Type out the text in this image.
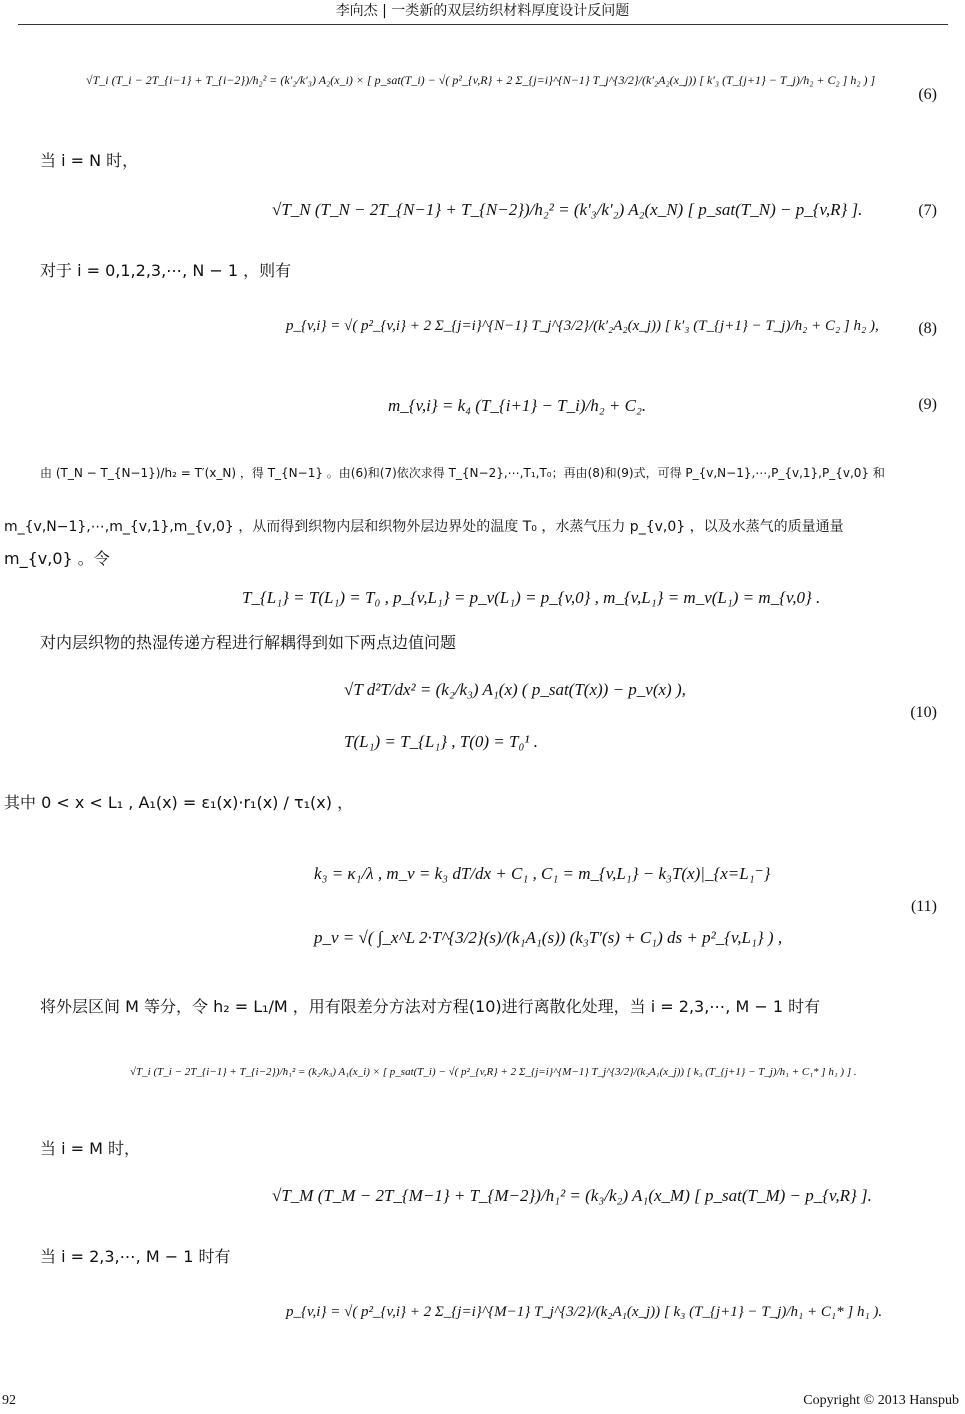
李向杰 | 一类新的双层纺织材料厚度设计反问题
√T_i (T_i − 2T_{i−1} + T_{i−2})/h₂² = (k′₂/k′₃) A₂(x_i) × [ p_sat(T_i) − √( p²_{v,R} + 2 Σ_{j=i}^{N−1} T_j^{3/2}/(k′₂A₂(x_j)) [ k′₃ (T_{j+1} − T_j)/h₂ + C₂ ] h₂ ) ]
(6)
当 i = N 时，
√T_N (T_N − 2T_{N−1} + T_{N−2})/h₂² = (k′₃/k′₂) A₂(x_N) [ p_sat(T_N) − p_{v,R} ].	(7)
对于 i = 0,1,2,3,⋯, N − 1 ，则有
p_{v,i} = √( p²_{v,i} + 2 Σ_{j=i}^{N−1} T_j^{3/2}/(k′₂A₂(x_j)) [ k′₃ (T_{j+1} − T_j)/h₂ + C₂ ] h₂ ), (8)
m_{v,i} = k₄ (T_{i+1} − T_i)/h₂ + C₂.	(9)
由 (T_N − T_{N−1})/h₂ = T′(x_N) ，得 T_{N−1} 。由(6)和(7)依次求得 T_{N−2},⋯,T₁,T₀；再由(8)和(9)式，可得 P_{v,N−1},⋯,P_{v,1},P_{v,0} 和
m_{v,N−1},⋯,m_{v,1},m_{v,0} ，从而得到织物内层和织物外层边界处的温度 T₀ ，水蒸气压力 p_{v,0} ，以及水蒸气的质量通量
m_{v,0} 。令
T_{L₁} = T(L₁) = T₀ , p_{v,L₁} = p_v(L₁) = p_{v,0} , m_{v,L₁} = m_v(L₁) = m_{v,0} .
对内层织物的热湿传递方程进行解耦得到如下两点边值问题
√T d²T/dx² = (k₂/k₃) A₁(x) ( p_sat(T(x)) − p_v(x) ),
T(L₁) = T_{L₁} , T(0) = T₀¹ .
(10)
其中 0 < x < L₁ , A₁(x) = ε₁(x)·r₁(x) / τ₁(x) ，
k₃ = κ₁/λ , m_v = k₃ dT/dx + C₁ , C₁ = m_{v,L₁} − k₃T(x)|_{x=L₁⁻}
p_v = √( ∫_x^L 2·T^{3/2}(s)/(k₁A₁(s)) (k₃T′(s) + C₁) ds + p²_{v,L₁} ) ,
(11)
将外层区间 M 等分，令 h₂ = L₁/M ，用有限差分方法对方程(10)进行离散化处理，当 i = 2,3,⋯, M − 1 时有
√T_i (T_i − 2T_{i−1} + T_{i−2})/h₁² = (k₂/k₃) A₁(x_i) × [ p_sat(T_i) − √( p²_{v,R} + 2 Σ_{j=i}^{M−1} T_j^{3/2}/(k₂A₁(x_j)) [ k₃ (T_{j+1} − T_j)/h₁ + C₁* ] h₁ ) ] .
当 i = M 时，
√T_M (T_M − 2T_{M−1} + T_{M−2})/h₁² = (k₃/k₂) A₁(x_M) [ p_sat(T_M) − p_{v,R} ].
当 i = 2,3,⋯, M − 1 时有
p_{v,i} = √( p²_{v,i} + 2 Σ_{j=i}^{M−1} T_j^{3/2}/(k₂A₁(x_j)) [ k₃ (T_{j+1} − T_j)/h₁ + C₁* ] h₁ ).
92	Copyright © 2013 Hanspub
